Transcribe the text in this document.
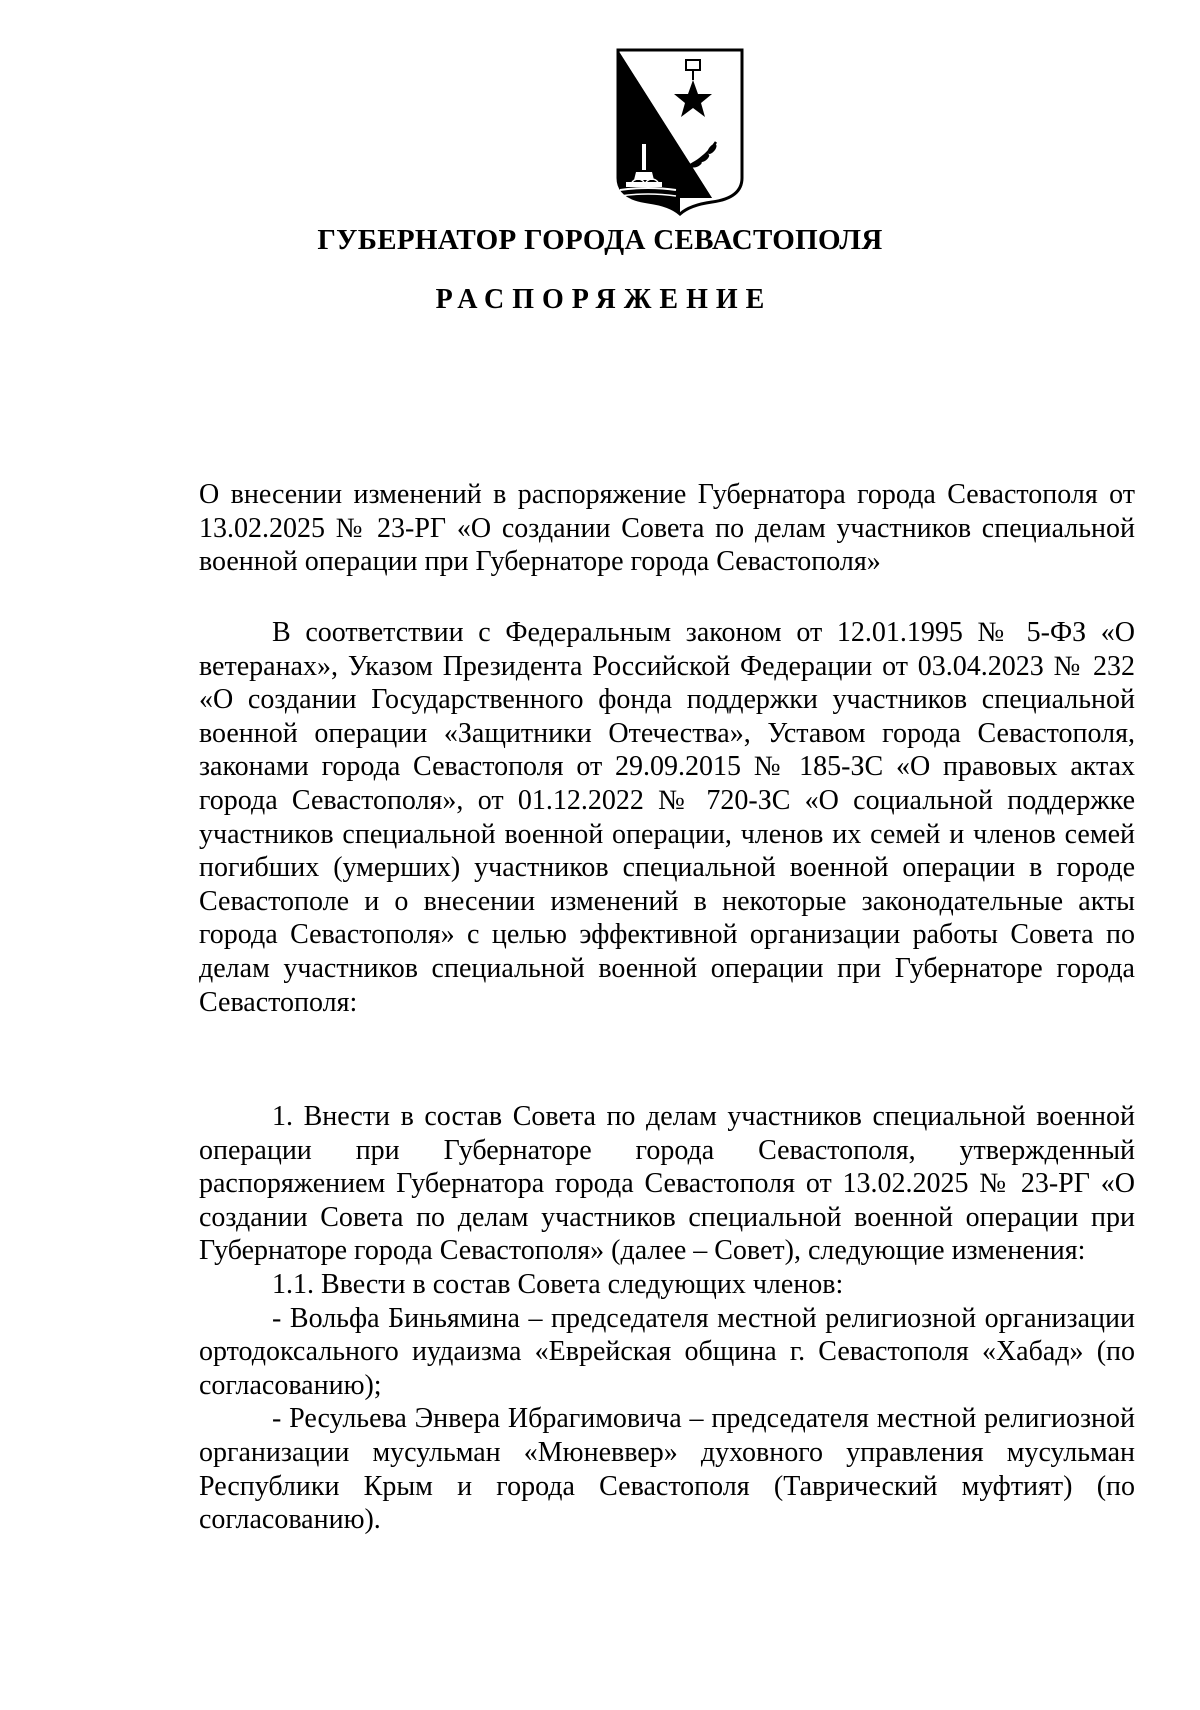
ГУБЕРНАТОР ГОРОДА СЕВАСТОПОЛЯ
РАСПОРЯЖЕНИЕ
О внесении изменений в распоряжение Губернатора города Севастополя от 13.02.2025 № 23-РГ «О создании Совета по делам участников специальной военной операции при Губернаторе города Севастополя»

В соответствии с Федеральным законом от 12.01.1995 № 5-ФЗ «О ветеранах», Указом Президента Российской Федерации от 03.04.2023 № 232 «О создании Государственного фонда поддержки участников специальной военной операции «Защитники Отечества», Уставом города Севастополя, законами города Севастополя от 29.09.2015 № 185-ЗС «О правовых актах города Севастополя», от 01.12.2022 № 720-ЗС «О социальной поддержке участников специальной военной операции, членов их семей и членов семей погибших (умерших) участников специальной военной операции в городе Севастополе и о внесении изменений в некоторые законодательные акты города Севастополя» с целью эффективной организации работы Совета по делам участников специальной военной операции при Губернаторе города Севастополя:

1. Внести в состав Совета по делам участников специальной военной операции при Губернаторе города Севастополя, утвержденный распоряжением Губернатора города Севастополя от 13.02.2025 № 23-РГ «О создании Совета по делам участников специальной военной операции при Губернаторе города Севастополя» (далее – Совет), следующие изменения:

1.1. Ввести в состав Совета следующих членов:

- Вольфа Биньямина – председателя местной религиозной организации ортодоксального иудаизма «Еврейская община г. Севастополя «Хабад» (по согласованию);

- Ресульева Энвера Ибрагимовича – председателя местной религиозной организации мусульман «Мюневвер» духовного управления мусульман Республики Крым и города Севастополя (Таврический муфтият) (по согласованию).
